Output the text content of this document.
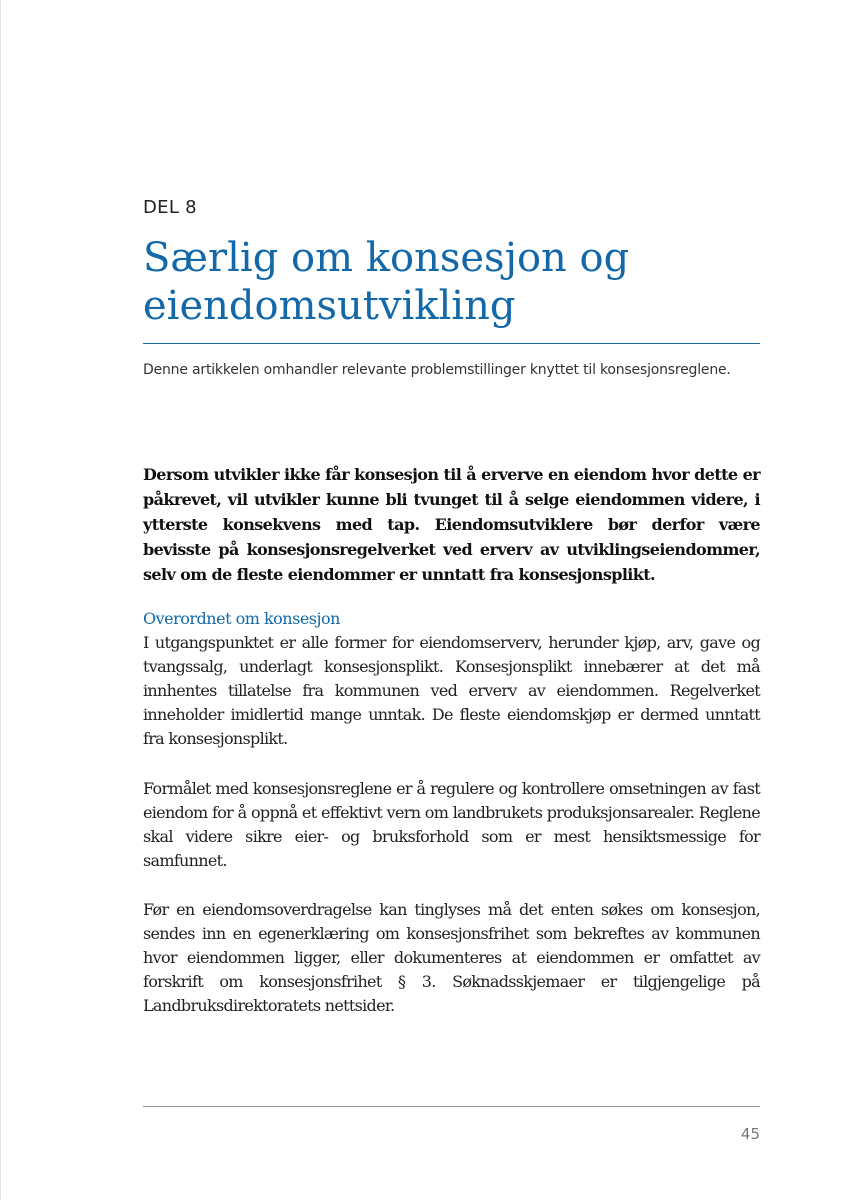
DEL 8
Særlig om konsesjon og eiendomsutvikling

Denne artikkelen omhandler relevante problemstillinger knyttet til konsesjonsreglene.

Dersom utvikler ikke får konsesjon til å erverve en eiendom hvor dette er påkrevet, vil utvikler kunne bli tvunget til å selge eiendommen videre, i ytterste konsekvens med tap. Eiendomsutviklere bør derfor være bevisste på konsesjonsregelverket ved erverv av utviklingseiendommer, selv om de fleste eiendommer er unntatt fra konsesjonsplikt.

Overordnet om konsesjon

I utgangspunktet er alle former for eiendomserverv, herunder kjøp, arv, gave og tvangssalg, underlagt konsesjonsplikt. Konsesjonsplikt innebærer at det må innhentes tillatelse fra kommunen ved erverv av eiendommen. Regelverket inneholder imidlertid mange unntak. De fleste eiendomskjøp er dermed unntatt fra konsesjonsplikt.

Formålet med konsesjonsreglene er å regulere og kontrollere omsetningen av fast eiendom for å oppnå et effektivt vern om landbrukets produksjonsarealer. Reglene skal videre sikre eier- og bruksforhold som er mest hensiktsmessige for samfunnet.

Før en eiendomsoverdragelse kan tinglyses må det enten søkes om konsesjon, sendes inn en egenerklæring om konsesjonsfrihet som bekreftes av kommunen hvor eiendommen ligger, eller dokumenteres at eiendommen er omfattet av forskrift om konsesjonsfrihet § 3. Søknadsskjemaer er tilgjengelige på Landbruksdirektoratets nettsider.

45
